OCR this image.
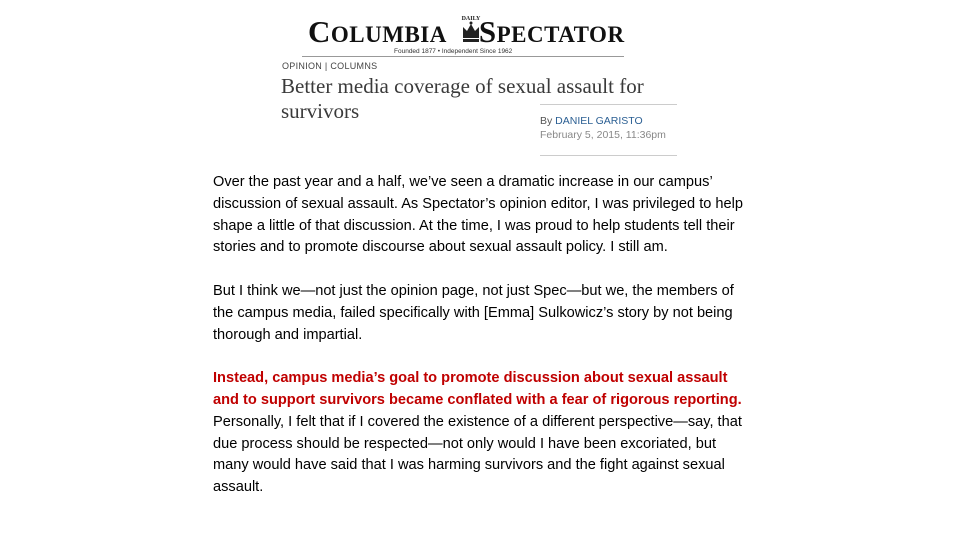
COLUMBIA SPECTATOR
DAILY
Founded 1877 • Independent Since 1962
OPINION | COLUMNS
Better media coverage of sexual assault for survivors	By DANIEL GARISTO
February 5, 2015, 11:36pm

Over the past year and a half, we’ve seen a dramatic increase in our campus’ discussion of sexual assault. As Spectator’s opinion editor, I was privileged to help shape a little of that discussion. At the time, I was proud to help students tell their stories and to promote discourse about sexual assault policy. I still am.

But I think we—not just the opinion page, not just Spec—but we, the members of the campus media, failed specifically with [Emma] Sulkowicz’s story by not being thorough and impartial.

Instead, campus media’s goal to promote discussion about sexual assault and to support survivors became conflated with a fear of rigorous reporting. Personally, I felt that if I covered the existence of a different perspective—say, that due process should be respected—not only would I have been excoriated, but many would have said that I was harming survivors and the fight against sexual assault.
